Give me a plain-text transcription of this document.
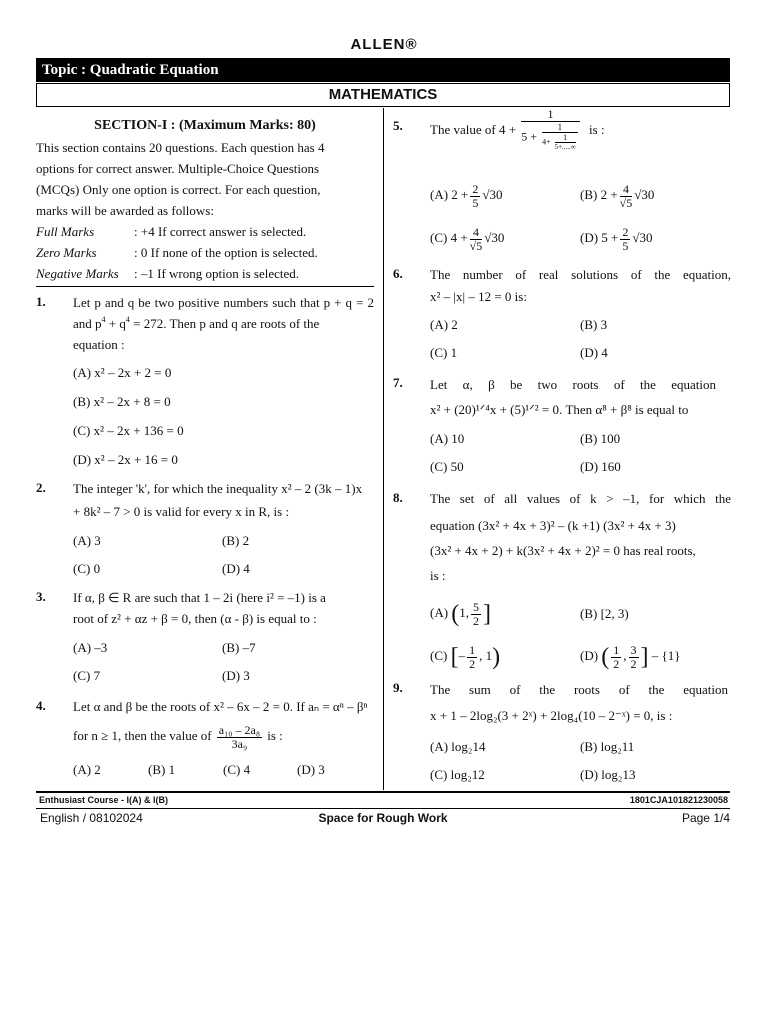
ALLEN®
Topic : Quadratic Equation
MATHEMATICS
SECTION-I : (Maximum Marks: 80)
This section contains 20 questions. Each question has 4
options for correct answer. Multiple-Choice Questions
(MCQs) Only one option is correct. For each question,
marks will be awarded as follows:
Full Marks	: +4 If correct answer is selected.
Zero Marks	: 0 If none of the option is selected.
Negative Marks : –1 If wrong option is selected.
1. Let p and q be two positive numbers such that p + q = 2
and $p^4 + q^4 = 272$. Then p and q are roots of the
equation :
(A) x² – 2x + 2 = 0
(B) x² – 2x + 8 = 0
(C) x² – 2x + 136 = 0
(D) x² – 2x + 16 = 0
2. The integer 'k', for which the inequality x² – 2 (3k – 1)x
+ 8k² – 7 > 0 is valid for every x in R, is :
(A) 3	(B) 2
(C) 0	(D) 4
3. If α, β ∈ R are such that 1 – 2i (here i² = –1) is a
root of z² + αz + β = 0, then (α - β) is equal to :
(A) –3	(B) –7
(C) 7	(D) 3
4. Let α and β be the roots of x² – 6x – 2 = 0. If aₙ = αⁿ – βⁿ
for n ≥ 1, then the value of $\frac{\text{a₁₀ – 2a₈}}{\text{3a₉}}$ is :
(A) 2	(B) 1	(C) 4	(D) 3
5. The value of 4 +
1
$5 + \frac{1}{4+ \frac{1}{5+.....\infty}}$ is :
(A) $2 + \frac{2}{5} √30$	(B) $2 + \frac{4}{√5} √30$
(C) $4 + \frac{4}{√5} √30$	(D) $5 + \frac{2}{5} √30$
6. The number of real solutions of the equation,
x² – |x| – 12 = 0 is:
(A) 2	(B) 3
(C) 1	(D) 4
7. Let α, β be two roots of the equation
x² + (20)¹ᐟ⁴x + (5)¹ᐟ² = 0. Then α⁸ + β⁸ is equal to
(A) 10	(B) 100
(C) 50	(D) 160
8. The set of all values of k > –1, for which the
equation (3x² + 4x + 3)² – (k +1) (3x² + 4x + 3)
(3x² + 4x + 2) + k(3x² + 4x + 2)² = 0 has real roots,
is :
(A) (1, $\frac{5}{2}$ ]	(B) [2, 3)
(C) [– $\frac{1}{2}$ , 1)	(D) ( $\frac{1}{2}$ , $\frac{3}{2}$ ] – {1}
9. The sum of the roots of the equation
x + 1 – 2log₂(3 + 2ˣ) + 2log₄(10 – 2⁻ˣ) = 0, is :
(A) log₂14	(B) log₂11
(C) log₂12	(D) log₂13
Enthusiast Course - I(A) & I(B)	1801CJA101821230058
English / 08102024	Space for Rough Work	Page 1/4
